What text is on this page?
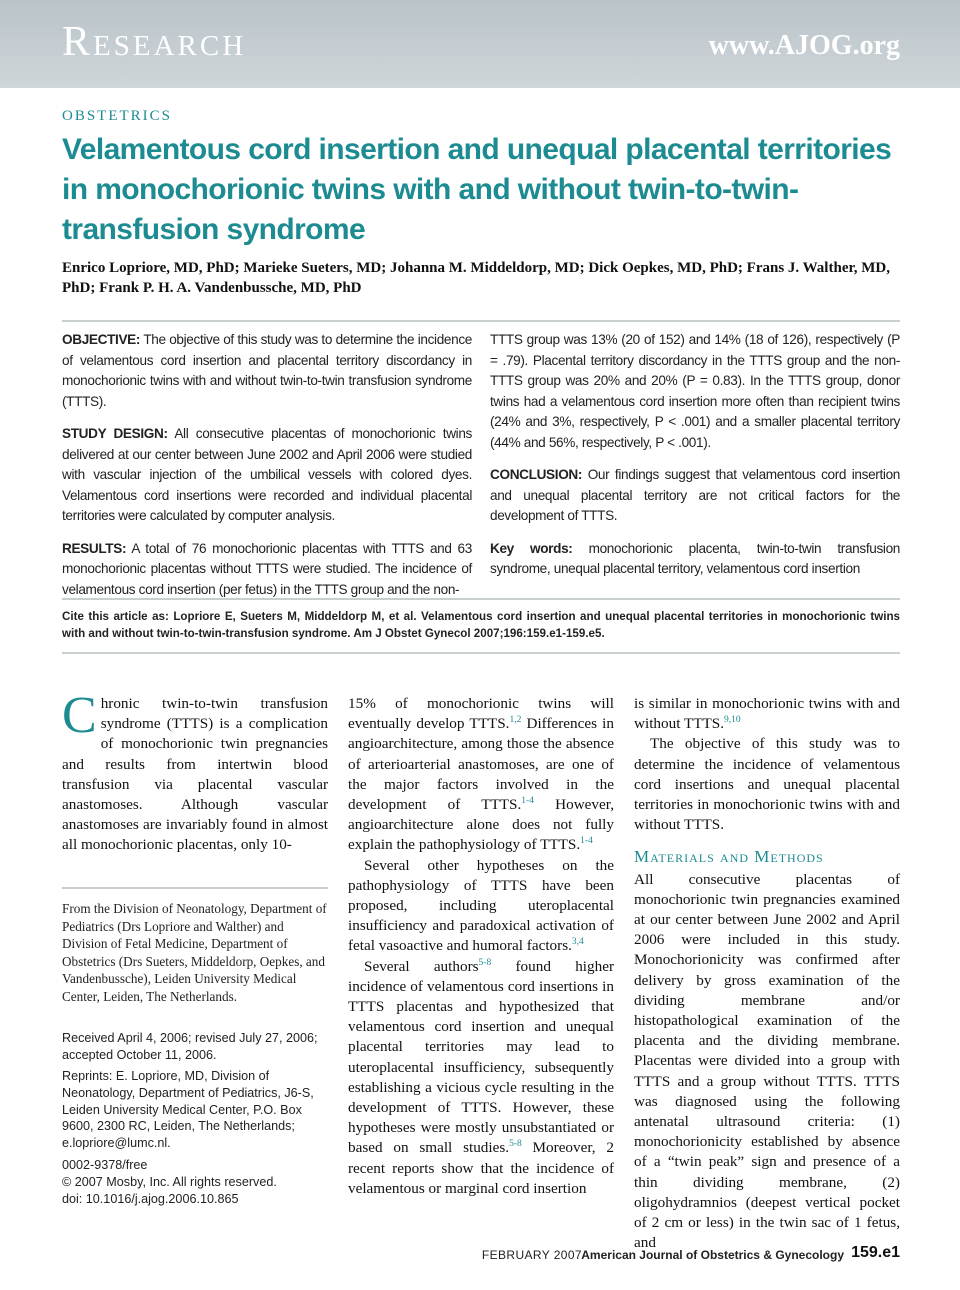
Research	www.AJOG.org
obstetrics
Velamentous cord insertion and unequal placental territories in monochorionic twins with and without twin-to-twin-transfusion syndrome
Enrico Lopriore, MD, PhD; Marieke Sueters, MD; Johanna M. Middeldorp, MD; Dick Oepkes, MD, PhD; Frans J. Walther, MD, PhD; Frank P. H. A. Vandenbussche, MD, PhD

OBJECTIVE: The objective of this study was to determine the incidence of velamentous cord insertion and placental territory discordancy in monochorionic twins with and without twin-to-twin transfusion syndrome (TTTS).

STUDY DESIGN: All consecutive placentas of monochorionic twins delivered at our center between June 2002 and April 2006 were studied with vascular injection of the umbilical vessels with colored dyes. Velamentous cord insertions were recorded and individual placental territories were calculated by computer analysis.

RESULTS: A total of 76 monochorionic placentas with TTTS and 63 monochorionic placentas without TTTS were studied. The incidence of velamentous cord insertion (per fetus) in the TTTS group and the non-

TTTS group was 13% (20 of 152) and 14% (18 of 126), respectively (P = .79). Placental territory discordancy in the TTTS group and the non-TTTS group was 20% and 20% (P = 0.83). In the TTTS group, donor twins had a velamentous cord insertion more often than recipient twins (24% and 3%, respectively, P < .001) and a smaller placental territory (44% and 56%, respectively, P < .001).

CONCLUSION: Our findings suggest that velamentous cord insertion and unequal placental territory are not critical factors for the development of TTTS.

Key words: monochorionic placenta, twin-to-twin transfusion syndrome, unequal placental territory, velamentous cord insertion

Cite this article as: Lopriore E, Sueters M, Middeldorp M, et al. Velamentous cord insertion and unequal placental territories in monochorionic twins with and without twin-to-twin-transfusion syndrome. Am J Obstet Gynecol 2007;196:159.e1-159.e5.

Chronic twin-to-twin transfusion syndrome (TTTS) is a complication of monochorionic twin pregnancies and results from intertwin blood transfusion via placental vascular anastomoses. Although vascular anastomoses are invariably found in almost all monochorionic placentas, only 10-

From the Division of Neonatology, Department of Pediatrics (Drs Lopriore and Walther) and Division of Fetal Medicine, Department of Obstetrics (Drs Sueters, Middeldorp, Oepkes, and Vandenbussche), Leiden University Medical Center, Leiden, The Netherlands.
Received April 4, 2006; revised July 27, 2006; accepted October 11, 2006.
Reprints: E. Lopriore, MD, Division of Neonatology, Department of Pediatrics, J6-S, Leiden University Medical Center, P.O. Box 9600, 2300 RC, Leiden, The Netherlands; e.lopriore@lumc.nl.
0002-9378/free
© 2007 Mosby, Inc. All rights reserved.
doi: 10.1016/j.ajog.2006.10.865

15% of monochorionic twins will eventually develop TTTS.$^{1,2}$ Differences in angioarchitecture, among those the absence of arterioarterial anastomoses, are one of the major factors involved in the development of TTTS.$^{1-4}$ However, angioarchitecture alone does not fully explain the pathophysiology of TTTS.$^{1-4}$

Several other hypotheses on the pathophysiology of TTTS have been proposed, including uteroplacental insufficiency and paradoxical activation of fetal vasoactive and humoral factors.$^{3,4}$

Several authors$^{5-8}$ found higher incidence of velamentous cord insertions in TTTS placentas and hypothesized that velamentous cord insertion and unequal placental territories may lead to uteroplacental insufficiency, subsequently establishing a vicious cycle resulting in the development of TTTS. However, these hypotheses were mostly unsubstantiated or based on small studies.$^{5-8}$ Moreover, 2 recent reports show that the incidence of velamentous or marginal cord insertion

is similar in monochorionic twins with and without TTTS.$^{9,10}$

The objective of this study was to determine the incidence of velamentous cord insertions and unequal placental territories in monochorionic twins with and without TTTS.

Materials and Methods

All consecutive placentas of monochorionic twin pregnancies examined at our center between June 2002 and April 2006 were included in this study. Monochorionicity was confirmed after delivery by gross examination of the dividing membrane and/or histopathological examination of the placenta and the dividing membrane. Placentas were divided into a group with TTTS and a group without TTTS. TTTS was diagnosed using the following antenatal ultrasound criteria: (1) monochorionicity established by absence of a “twin peak” sign and presence of a thin dividing membrane, (2) oligohydramnios (deepest vertical pocket of 2 cm or less) in the twin sac of 1 fetus, and

FEBRUARY 2007 American Journal of Obstetrics & Gynecology 159.e1
